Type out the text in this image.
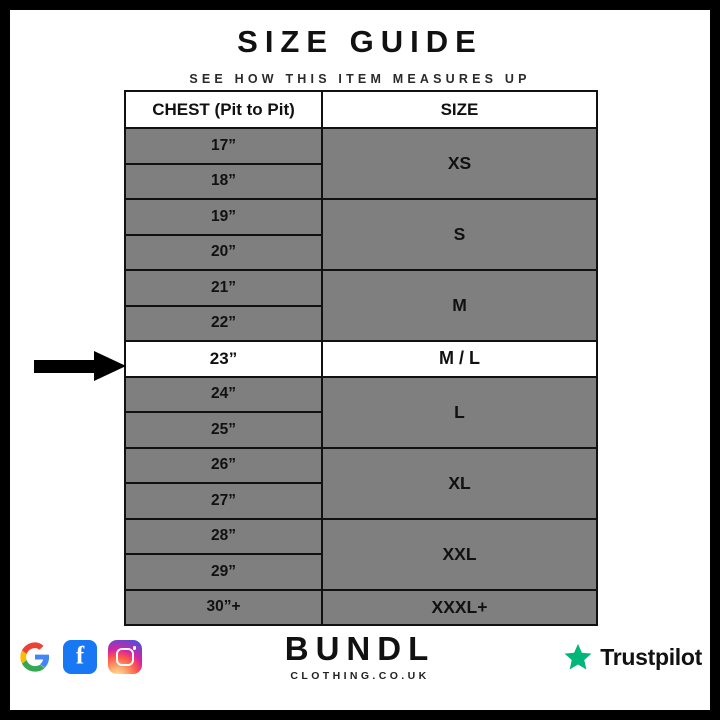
SIZE GUIDE
SEE HOW THIS ITEM MEASURES UP
CHEST (Pit to Pit)	SIZE
17”	XS
18”	
19”	S
20”	
21”	M
22”	
23”	M / L
24”	L
25”	
26”	XL
27”	
28”	XXL
29”	
30”+	XXXL+
f
BUNDL
CLOTHING.CO.UK
Trustpilot
